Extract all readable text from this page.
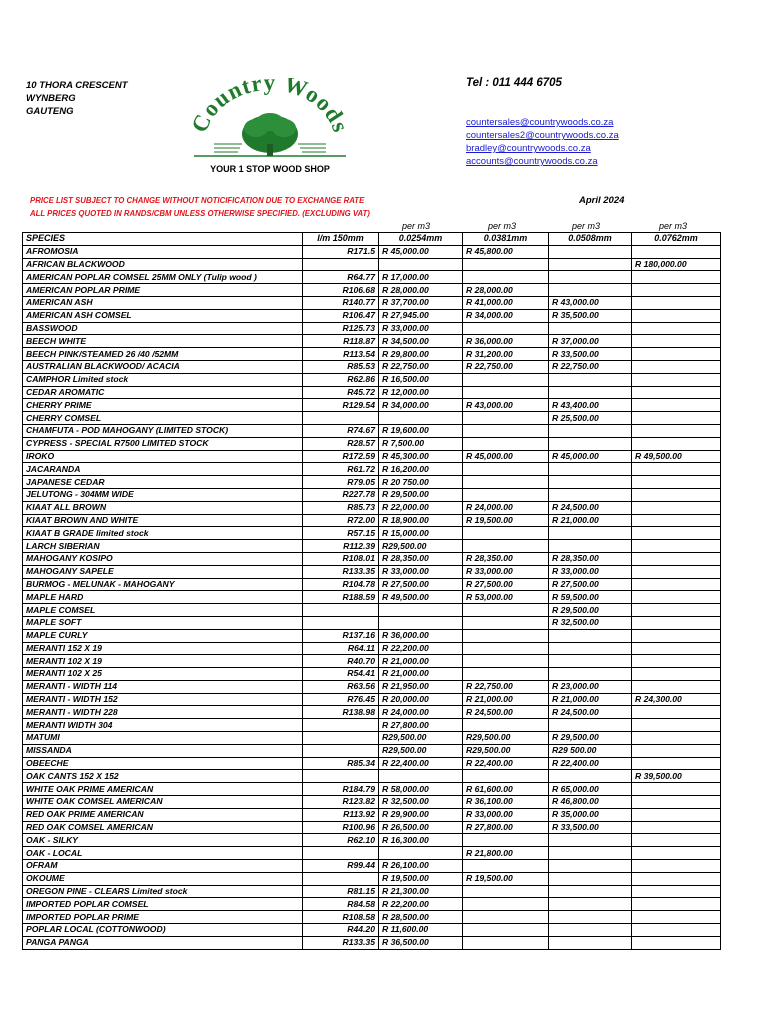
10 THORA CRESCENT
WYNBERG
GAUTENG	ountry Wood
YOUR 1 STOP WOOD SHOP
Tel : 011 444 6705
countersales@countrywoods.co.za
countersales2@countrywoods.co.za
bradley@countrywoods.co.za
accounts@countrywoods.co.za
PRICE LIST SUBJECT TO CHANGE WITHOUT NOTICIFICATION DUE TO EXCHANGE RATE
ALL PRICES QUOTED IN RANDS/CBM UNLESS OTHERWISE SPECIFIED. (EXCLUDING VAT)
April 2024
per m3	per m3	per m3	per m3
SPECIES	l/m 150mm	0.0254mm	0.0381mm	0.0508mm	0.0762mm
AFROMOSIA	R171.5	R 45,000.00	R 45,800.00		
AFRICAN BLACKWOOD					R 180,000.00
AMERICAN POPLAR COMSEL 25MM ONLY (Tulip wood )	R64.77	R 17,000.00			
AMERICAN POPLAR PRIME	R106.68	R 28,000.00	R 28,000.00		
AMERICAN ASH	R140.77	R 37,700.00	R 41,000.00	R 43,000.00	
AMERICAN ASH COMSEL	R106.47	R 27,945.00	R 34,000.00	R 35,500.00	
BASSWOOD	R125.73	R 33,000.00			
BEECH WHITE	R118.87	R 34,500.00	R 36,000.00	R 37,000.00	
BEECH PINK/STEAMED 26 /40 /52MM	R113.54	R 29,800.00	R 31,200.00	R 33,500.00	
AUSTRALIAN BLACKWOOD/ ACACIA	R85.53	R 22,750.00	R 22,750.00	R 22,750.00	
CAMPHOR Limited stock	R62.86	R 16,500.00			
CEDAR AROMATIC	R45.72	R 12,000.00			
CHERRY PRIME	R129.54	R 34,000.00	R 43,000.00	R 43,400.00	
CHERRY COMSEL				R 25,500.00	
CHAMFUTA - POD MAHOGANY (LIMITED STOCK)	R74.67	R 19,600.00			
CYPRESS - SPECIAL R7500 LIMITED STOCK	R28.57	R 7,500.00			
IROKO	R172.59	R 45,300.00	R 45,000.00	R 45,000.00	R 49,500.00
JACARANDA	R61.72	R 16,200.00			
JAPANESE CEDAR	R79.05	R 20 750.00			
JELUTONG - 304MM WIDE	R227.78	R 29,500.00			
KIAAT ALL BROWN	R85.73	R 22,000.00	R 24,000.00	R 24,500.00	
KIAAT BROWN AND WHITE	R72.00	R 18,900.00	R 19,500.00	R 21,000.00	
KIAAT B GRADE limited stock	R57.15	R 15,000.00			
LARCH SIBERIAN	R112.39	R29,500.00			
MAHOGANY KOSIPO	R108.01	R 28,350.00	R 28,350.00	R 28,350.00	
MAHOGANY SAPELE	R133.35	R 33,000.00	R 33,000.00	R 33,000.00	
BURMOG - MELUNAK - MAHOGANY	R104.78	R 27,500.00	R 27,500.00	R 27,500.00	
MAPLE HARD	R188.59	R 49,500.00	R 53,000.00	R 59,500.00	
MAPLE COMSEL				R 29,500.00	
MAPLE SOFT				R 32,500.00	
MAPLE CURLY	R137.16	R 36,000.00			
MERANTI 152 X 19	R64.11	R 22,200.00			
MERANTI 102 X 19	R40.70	R 21,000.00			
MERANTI 102 X 25	R54.41	R 21,000.00			
MERANTI - WIDTH 114	R63.56	R 21,950.00	R 22,750.00	R 23,000.00	
MERANTI - WIDTH 152	R76.45	R 20,000.00	R 21,000.00	R 21,000.00	R 24,300.00
MERANTI - WIDTH 228	R138.98	R 24,000.00	R 24,500.00	R 24,500.00	
MERANTI WIDTH 304		R 27,800.00			
MATUMI		R29,500.00	R29,500.00	R 29,500.00	
MISSANDA		R29,500.00	R29,500.00	R29 500.00	
OBEECHE	R85.34	R 22,400.00	R 22,400.00	R 22,400.00	
OAK CANTS 152 X 152					R 39,500.00
WHITE OAK PRIME AMERICAN	R184.79	R 58,000.00	R 61,600.00	R 65,000.00	
WHITE OAK COMSEL AMERICAN	R123.82	R 32,500.00	R 36,100.00	R 46,800.00	
RED OAK PRIME AMERICAN	R113.92	R 29,900.00	R 33,000.00	R 35,000.00	
RED OAK COMSEL AMERICAN	R100.96	R 26,500.00	R 27,800.00	R 33,500.00	
OAK - SILKY	R62.10	R 16,300.00			
OAK - LOCAL			R 21,800.00		
OFRAM	R99.44	R 26,100.00			
OKOUME		R 19,500.00	R 19,500.00		
OREGON PINE - CLEARS Limited stock	R81.15	R 21,300.00			
IMPORTED POPLAR COMSEL	R84.58	R 22,200.00			
IMPORTED POPLAR PRIME	R108.58	R 28,500.00			
POPLAR LOCAL (COTTONWOOD)	R44.20	R 11,600.00			
PANGA PANGA	R133.35	R 36,500.00			
